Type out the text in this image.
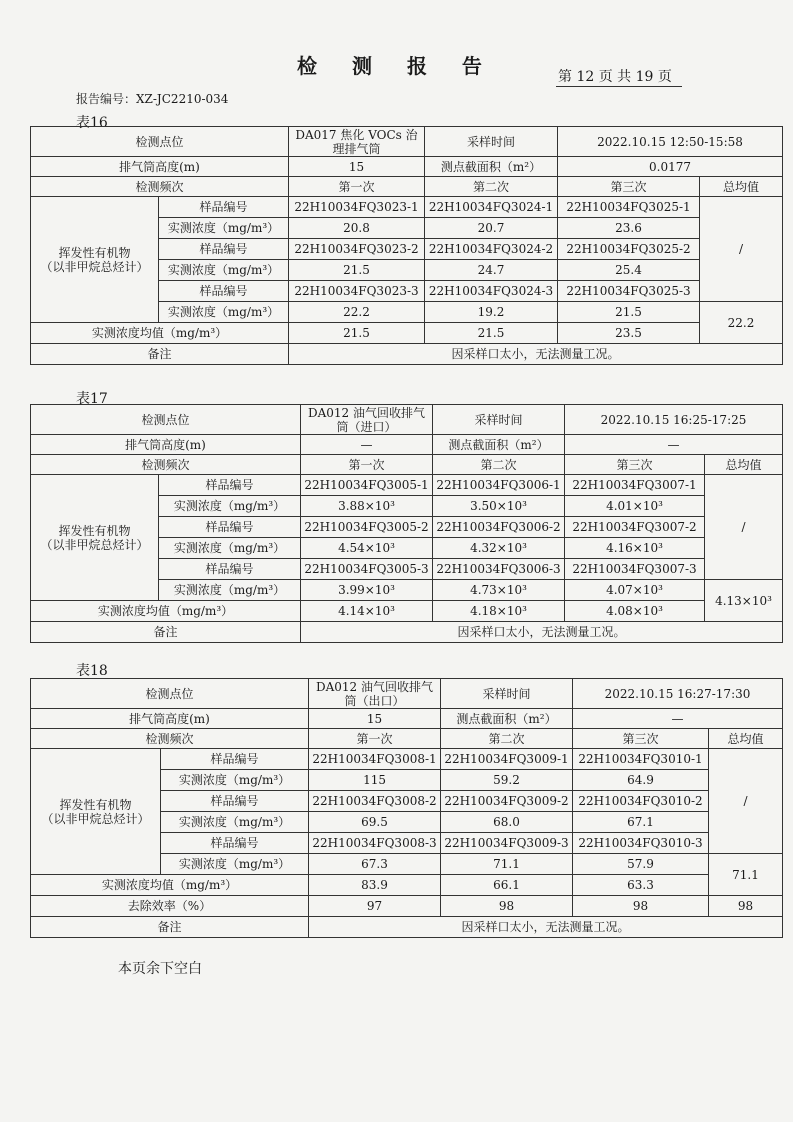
检 测 报 告	第 12 页 共 19 页
报告编号：XZ-JC2210-034
表16
检测点位		DA017 焦化 VOCs 治理排气筒	采样时间	2022.10.15 12:50-15:58	
排气筒高度(m)		15	测点截面积（m²）	0.0177	
检测频次		第一次	第二次	第三次	总均值
挥发性有机物
（以非甲烷总烃计）	样品编号	22H10034FQ3023-1	22H10034FQ3024-1	22H10034FQ3025-1	/
	实测浓度（mg/m³）	20.8	20.7	23.6	
	样品编号	22H10034FQ3023-2	22H10034FQ3024-2	22H10034FQ3025-2	
	实测浓度（mg/m³）	21.5	24.7	25.4	
	样品编号	22H10034FQ3023-3	22H10034FQ3024-3	22H10034FQ3025-3	
	实测浓度（mg/m³）	22.2	19.2	21.5	22.2
实测浓度均值（mg/m³）		21.5	21.5	23.5	
备注		因采样口太小，无法测量工况。			
表17
检测点位		DA012 油气回收排气筒（进口）	采样时间	2022.10.15 16:25-17:25	
排气筒高度(m)		—	测点截面积（m²）	—	
检测频次		第一次	第二次	第三次	总均值
挥发性有机物
（以非甲烷总烃计）	样品编号	22H10034FQ3005-1	22H10034FQ3006-1	22H10034FQ3007-1	/
	实测浓度（mg/m³）	3.88×10³	3.50×10³	4.01×10³	
	样品编号	22H10034FQ3005-2	22H10034FQ3006-2	22H10034FQ3007-2	
	实测浓度（mg/m³）	4.54×10³	4.32×10³	4.16×10³	
	样品编号	22H10034FQ3005-3	22H10034FQ3006-3	22H10034FQ3007-3	
	实测浓度（mg/m³）	3.99×10³	4.73×10³	4.07×10³	4.13×10³
实测浓度均值（mg/m³）		4.14×10³	4.18×10³	4.08×10³	
备注		因采样口太小，无法测量工况。			
表18
检测点位		DA012 油气回收排气筒（出口）	采样时间	2022.10.15 16:27-17:30	
排气筒高度(m)		15	测点截面积（m²）	—	
检测频次		第一次	第二次	第三次	总均值
挥发性有机物
（以非甲烷总烃计）	样品编号	22H10034FQ3008-1	22H10034FQ3009-1	22H10034FQ3010-1	/
	实测浓度（mg/m³）	115	59.2	64.9	
	样品编号	22H10034FQ3008-2	22H10034FQ3009-2	22H10034FQ3010-2	
	实测浓度（mg/m³）	69.5	68.0	67.1	
	样品编号	22H10034FQ3008-3	22H10034FQ3009-3	22H10034FQ3010-3	
	实测浓度（mg/m³）	67.3	71.1	57.9	71.1
实测浓度均值（mg/m³）		83.9	66.1	63.3	
去除效率（%）		97	98	98	98
备注		因采样口太小，无法测量工况。			
本页余下空白
